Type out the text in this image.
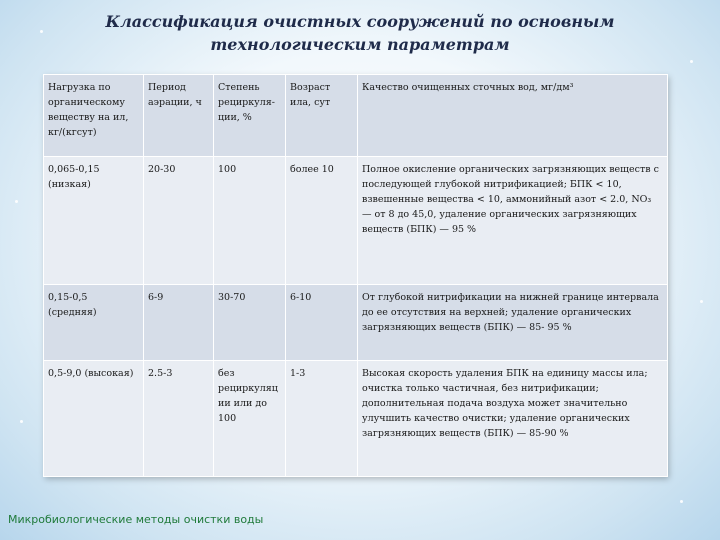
Классификация очистных сооружений по основным технологическим параметрам
Нагрузка по органическому веществу на ил, кг/(кгсут)	Период аэрации, ч	Степень рециркуля- ции, %	Возраст ила, сут	Качество очищенных сточных вод, мг/дм³
0,065-0,15 (низкая)	20-30	100	более 10	Полное окисление органических загрязняющих веществ с последующей глубокой нитрификацией; БПК < 10, взвешенные вещества < 10, аммонийный азот < 2.0, NO₃ — от 8 до 45,0, удаление органических загрязняющих веществ (БПК) — 95 %
0,15-0,5 (средняя)	6-9	30-70	6-10	От глубокой нитрификации на нижней границе интервала до ее отсутствия на верхней; удаление органических загрязняющих веществ (БПК) — 85- 95 %
0,5-9,0 (высокая)	2.5-3	без рециркуляции или до 100	1-3	Высокая скорость удаления БПК на единицу массы ила; очистка только частичная, без нитрификации; дополнительная подача воздуха может значительно улучшить качество очистки; удаление органических загрязняющих веществ (БПК) — 85-90 %
Микробиологические методы очистки воды
